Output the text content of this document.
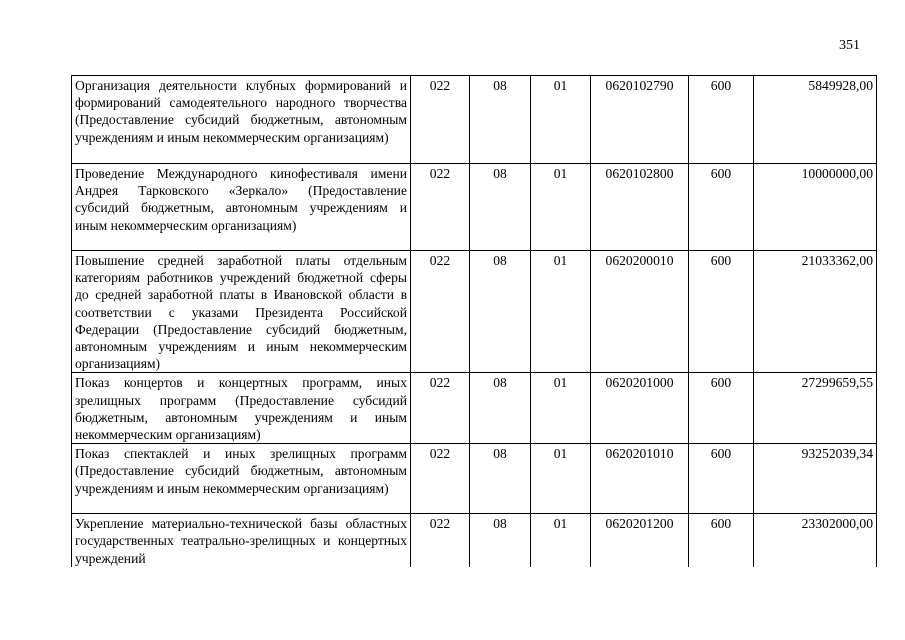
351
Организация деятельности клубных формирований и формирований самодеятельного народного творчества (Предоставление субсидий бюджетным, автономным учреждениям и иным некоммерческим организациям)	022	08	01	0620102790	600	5849928,00
Проведение Международного кинофестиваля имени Андрея Тарковского «Зеркало» (Предоставление субсидий бюджетным, автономным учреждениям и иным некоммерческим организациям)	022	08	01	0620102800	600	10000000,00
Повышение средней заработной платы отдельным категориям работников учреждений бюджетной сферы до средней заработной платы в Ивановской области в соответствии с указами Президента Российской Федерации (Предоставление субсидий бюджетным, автономным учреждениям и иным некоммерческим организациям)	022	08	01	0620200010	600	21033362,00
Показ концертов и концертных программ, иных зрелищных программ (Предоставление субсидий бюджетным, автономным учреждениям и иным некоммерческим организациям)	022	08	01	0620201000	600	27299659,55
Показ спектаклей и иных зрелищных программ (Предоставление субсидий бюджетным, автономным учреждениям и иным некоммерческим организациям)	022	08	01	0620201010	600	93252039,34
Укрепление материально-технической базы областных государственных театрально-зрелищных и концертных учреждений	022	08	01	0620201200	600	23302000,00
